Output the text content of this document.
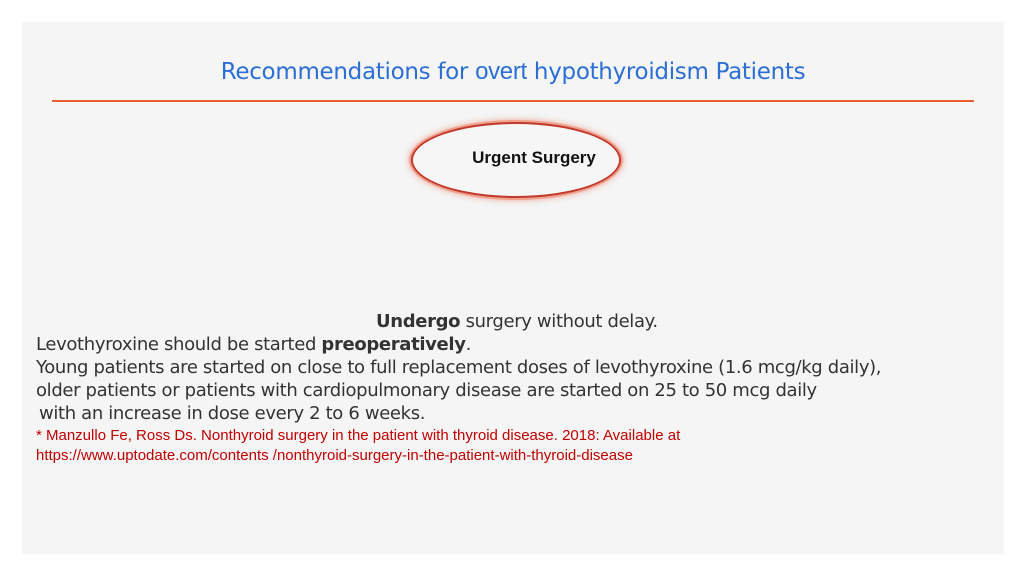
Recommendations for overt hypothyroidism Patients
Urgent Surgery
Undergo surgery without delay.
Levothyroxine should be started preoperatively.
Young patients are started on close to full replacement doses of levothyroxine (1.6 mcg/kg daily),
older patients or patients with cardiopulmonary disease are started on 25 to 50 mcg daily
with an increase in dose every 2 to 6 weeks.
* Manzullo Fe, Ross Ds. Nonthyroid surgery in the patient with thyroid disease. 2018: Available at
https://www.uptodate.com/contents /nonthyroid-surgery-in-the-patient-with-thyroid-disease
